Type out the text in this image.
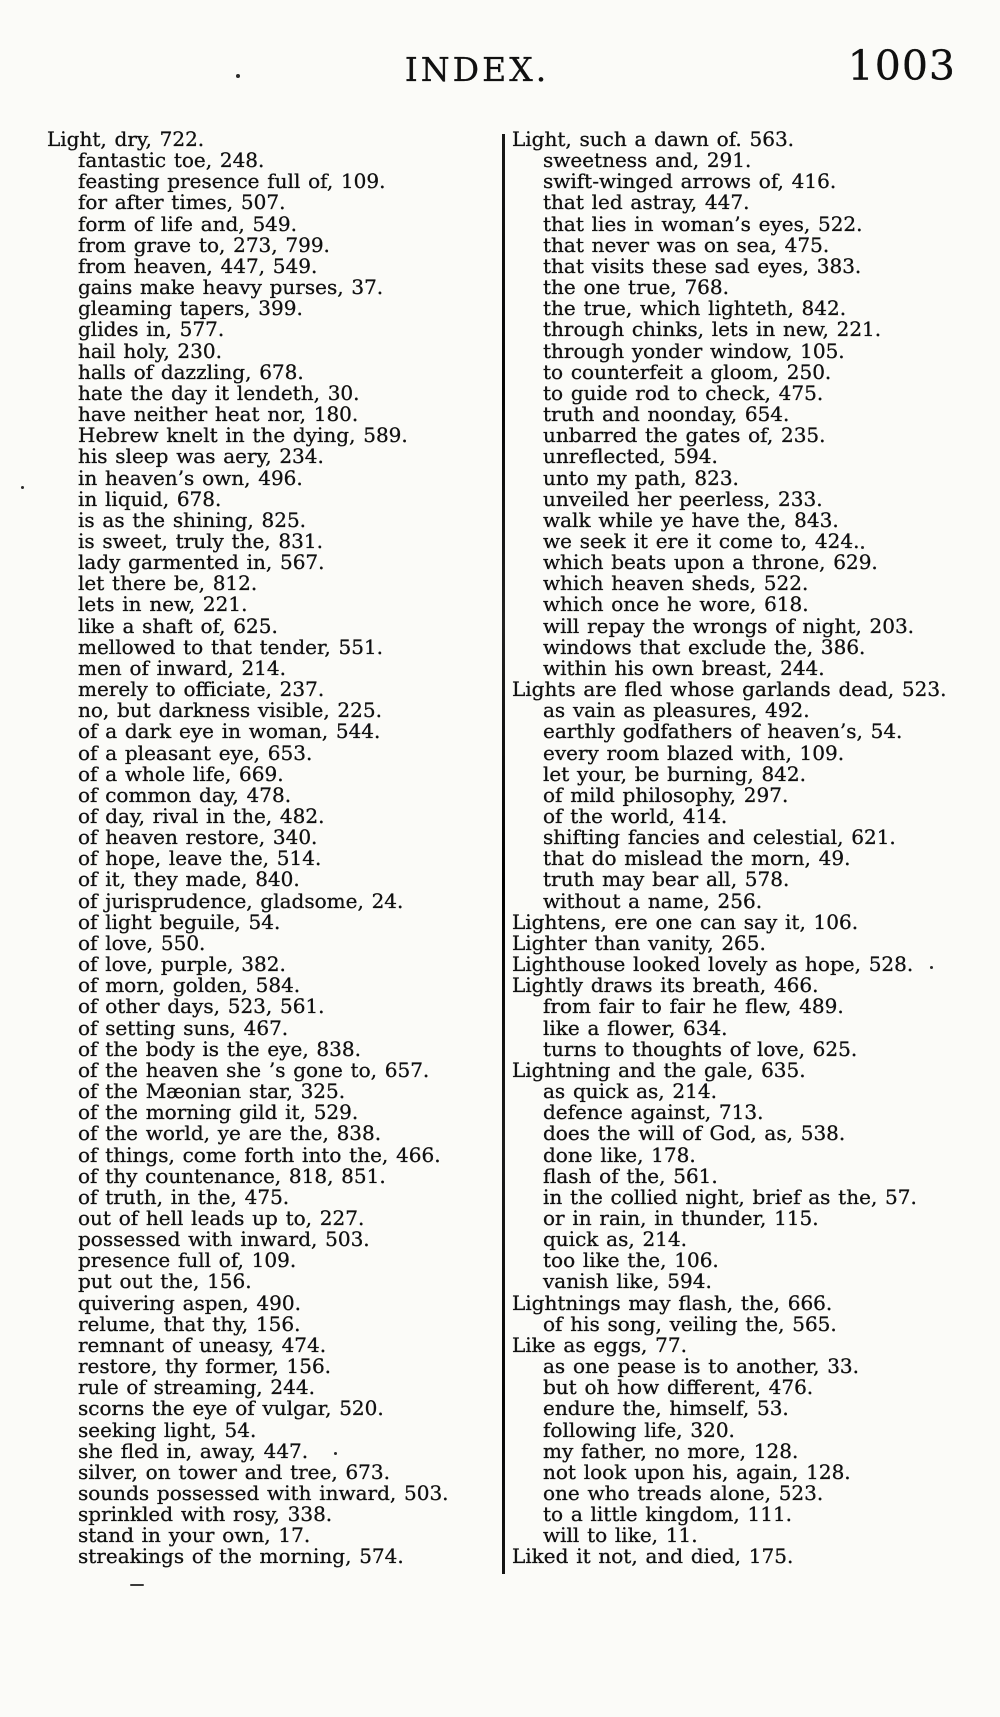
INDEX.	1003
Light, dry, 722.
fantastic toe, 248.
feasting presence full of, 109.
for after times, 507.
form of life and, 549.
from grave to, 273, 799.
from heaven, 447, 549.
gains make heavy purses, 37.
gleaming tapers, 399.
glides in, 577.
hail holy, 230.
halls of dazzling, 678.
hate the day it lendeth, 30.
have neither heat nor, 180.
Hebrew knelt in the dying, 589.
his sleep was aery, 234.
in heaven’s own, 496.
in liquid, 678.
is as the shining, 825.
is sweet, truly the, 831.
lady garmented in, 567.
let there be, 812.
lets in new, 221.
like a shaft of, 625.
mellowed to that tender, 551.
men of inward, 214.
merely to officiate, 237.
no, but darkness visible, 225.
of a dark eye in woman, 544.
of a pleasant eye, 653.
of a whole life, 669.
of common day, 478.
of day, rival in the, 482.
of heaven restore, 340.
of hope, leave the, 514.
of it, they made, 840.
of jurisprudence, gladsome, 24.
of light beguile, 54.
of love, 550.
of love, purple, 382.
of morn, golden, 584.
of other days, 523, 561.
of setting suns, 467.
of the body is the eye, 838.
of the heaven she ’s gone to, 657.
of the Mæonian star, 325.
of the morning gild it, 529.
of the world, ye are the, 838.
of things, come forth into the, 466.
of thy countenance, 818, 851.
of truth, in the, 475.
out of hell leads up to, 227.
possessed with inward, 503.
presence full of, 109.
put out the, 156.
quivering aspen, 490.
relume, that thy, 156.
remnant of uneasy, 474.
restore, thy former, 156.
rule of streaming, 244.
scorns the eye of vulgar, 520.
seeking light, 54.
she fled in, away, 447.
silver, on tower and tree, 673.
sounds possessed with inward, 503.
sprinkled with rosy, 338.
stand in your own, 17.
streakings of the morning, 574.
Light, such a dawn of. 563.
sweetness and, 291.
swift-winged arrows of, 416.
that led astray, 447.
that lies in woman’s eyes, 522.
that never was on sea, 475.
that visits these sad eyes, 383.
the one true, 768.
the true, which lighteth, 842.
through chinks, lets in new, 221.
through yonder window, 105.
to counterfeit a gloom, 250.
to guide rod to check, 475.
truth and noonday, 654.
unbarred the gates of, 235.
unreflected, 594.
unto my path, 823.
unveiled her peerless, 233.
walk while ye have the, 843.
we seek it ere it come to, 424.
which beats upon a throne, 629.
which heaven sheds, 522.
which once he wore, 618.
will repay the wrongs of night, 203.
windows that exclude the, 386.
within his own breast, 244.
Lights are fled whose garlands dead, 523.
as vain as pleasures, 492.
earthly godfathers of heaven’s, 54.
every room blazed with, 109.
let your, be burning, 842.
of mild philosophy, 297.
of the world, 414.
shifting fancies and celestial, 621.
that do mislead the morn, 49.
truth may bear all, 578.
without a name, 256.
Lightens, ere one can say it, 106.
Lighter than vanity, 265.
Lighthouse looked lovely as hope, 528.
Lightly draws its breath, 466.
from fair to fair he flew, 489.
like a flower, 634.
turns to thoughts of love, 625.
Lightning and the gale, 635.
as quick as, 214.
defence against, 713.
does the will of God, as, 538.
done like, 178.
flash of the, 561.
in the collied night, brief as the, 57.
or in rain, in thunder, 115.
quick as, 214.
too like the, 106.
vanish like, 594.
Lightnings may flash, the, 666.
of his song, veiling the, 565.
Like as eggs, 77.
as one pease is to another, 33.
but oh how different, 476.
endure the, himself, 53.
following life, 320.
my father, no more, 128.
not look upon his, again, 128.
one who treads alone, 523.
to a little kingdom, 111.
will to like, 11.
Liked it not, and died, 175.
